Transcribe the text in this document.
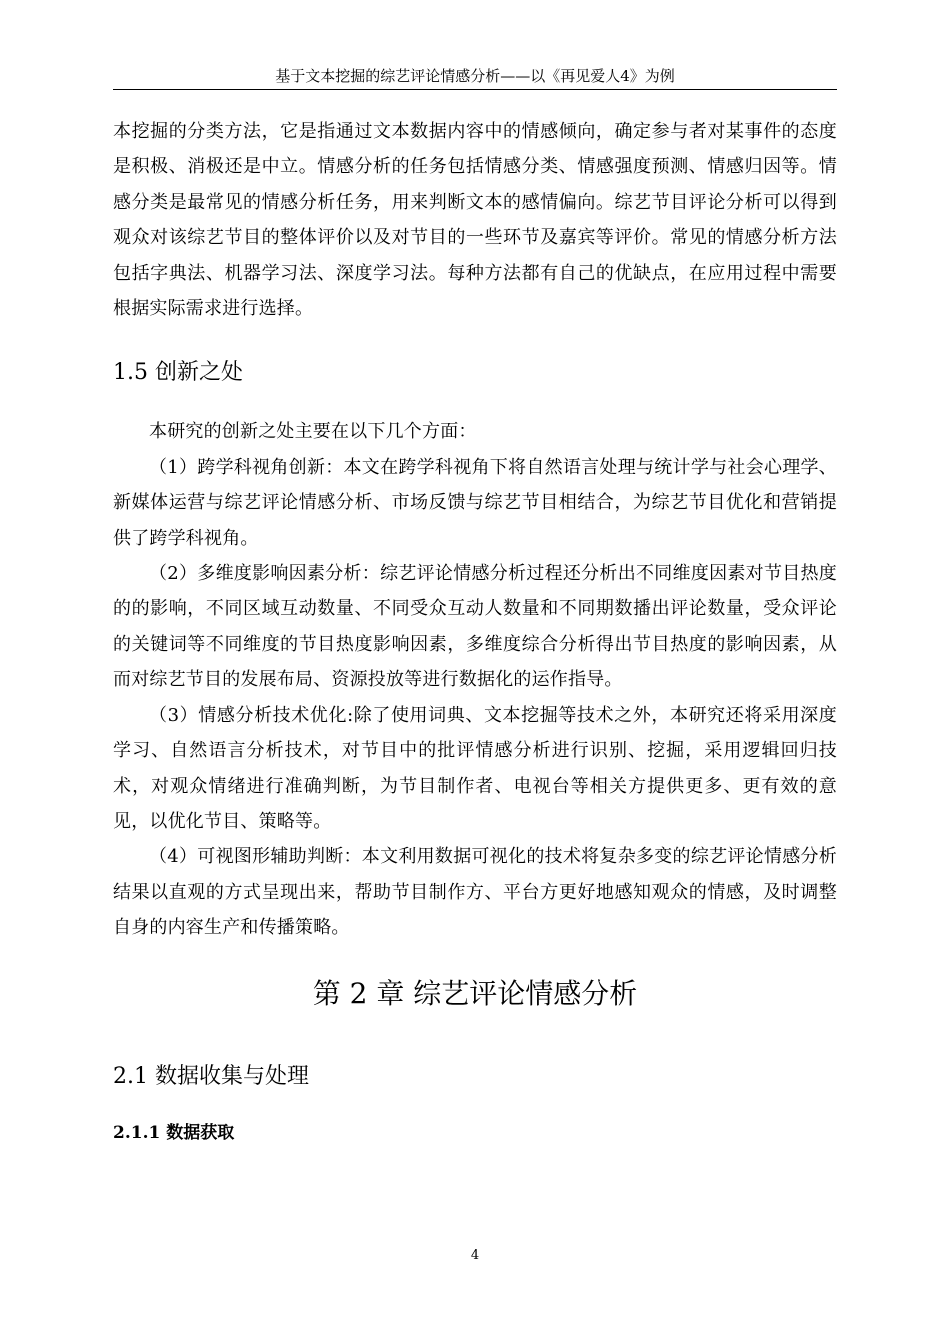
基于文本挖掘的综艺评论情感分析——以《再见爱人4》为例

本挖掘的分类方法，它是指通过文本数据内容中的情感倾向，确定参与者对某事件的态度是积极、消极还是中立。情感分析的任务包括情感分类、情感强度预测、情感归因等。情感分类是最常见的情感分析任务，用来判断文本的感情偏向。综艺节目评论分析可以得到观众对该综艺节目的整体评价以及对节目的一些环节及嘉宾等评价。常见的情感分析方法包括字典法、机器学习法、深度学习法。每种方法都有自己的优缺点，在应用过程中需要根据实际需求进行选择。

1.5 创新之处

本研究的创新之处主要在以下几个方面：

（1）跨学科视角创新：本文在跨学科视角下将自然语言处理与统计学与社会心理学、新媒体运营与综艺评论情感分析、市场反馈与综艺节目相结合，为综艺节目优化和营销提供了跨学科视角。

（2）多维度影响因素分析：综艺评论情感分析过程还分析出不同维度因素对节目热度的的影响，不同区域互动数量、不同受众互动人数量和不同期数播出评论数量，受众评论的关键词等不同维度的节目热度影响因素，多维度综合分析得出节目热度的影响因素，从而对综艺节目的发展布局、资源投放等进行数据化的运作指导。

（3）情感分析技术优化:除了使用词典、文本挖掘等技术之外，本研究还将采用深度学习、自然语言分析技术，对节目中的批评情感分析进行识别、挖掘，采用逻辑回归技术，对观众情绪进行准确判断，为节目制作者、电视台等相关方提供更多、更有效的意见，以优化节目、策略等。

（4）可视图形辅助判断：本文利用数据可视化的技术将复杂多变的综艺评论情感分析结果以直观的方式呈现出来，帮助节目制作方、平台方更好地感知观众的情感，及时调整自身的内容生产和传播策略。

第 2 章 综艺评论情感分析
2.1 数据收集与处理
2.1.1 数据获取
4
